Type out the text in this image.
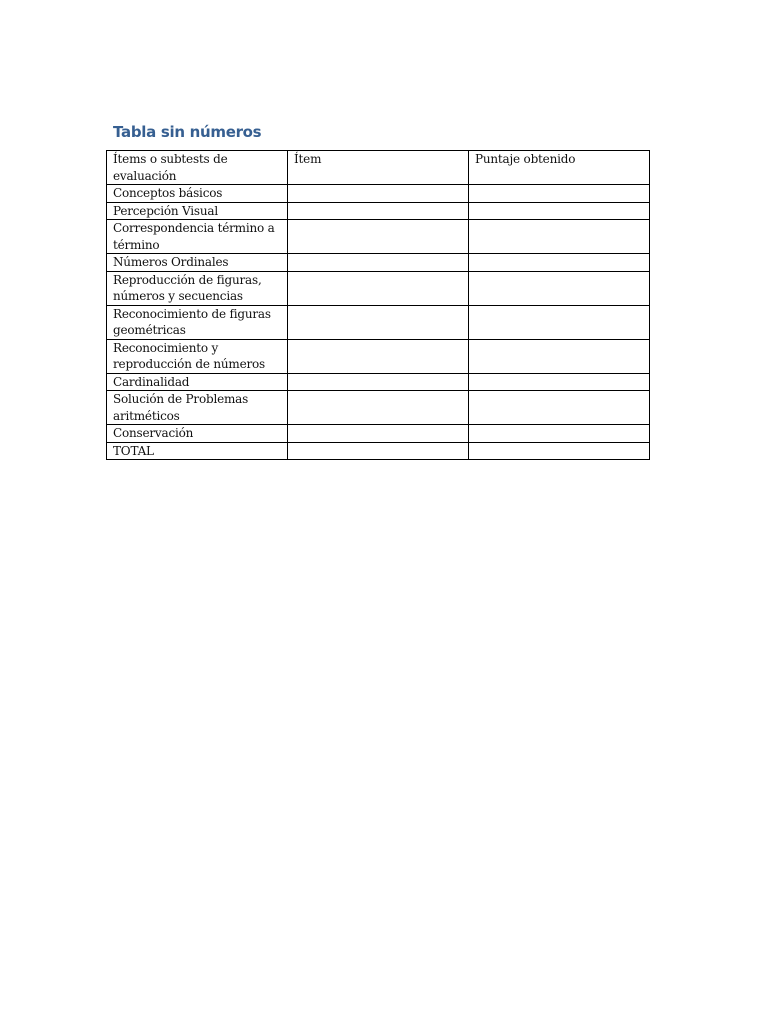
Tabla sin números
Ítems o subtests de evaluación	Ítem	Puntaje obtenido
Conceptos básicos		
Percepción Visual		
Correspondencia término a término		
Números Ordinales		
Reproducción de figuras, números y secuencias		
Reconocimiento de figuras geométricas		
Reconocimiento y reproducción de números		
Cardinalidad		
Solución de Problemas aritméticos		
Conservación		
TOTAL		
